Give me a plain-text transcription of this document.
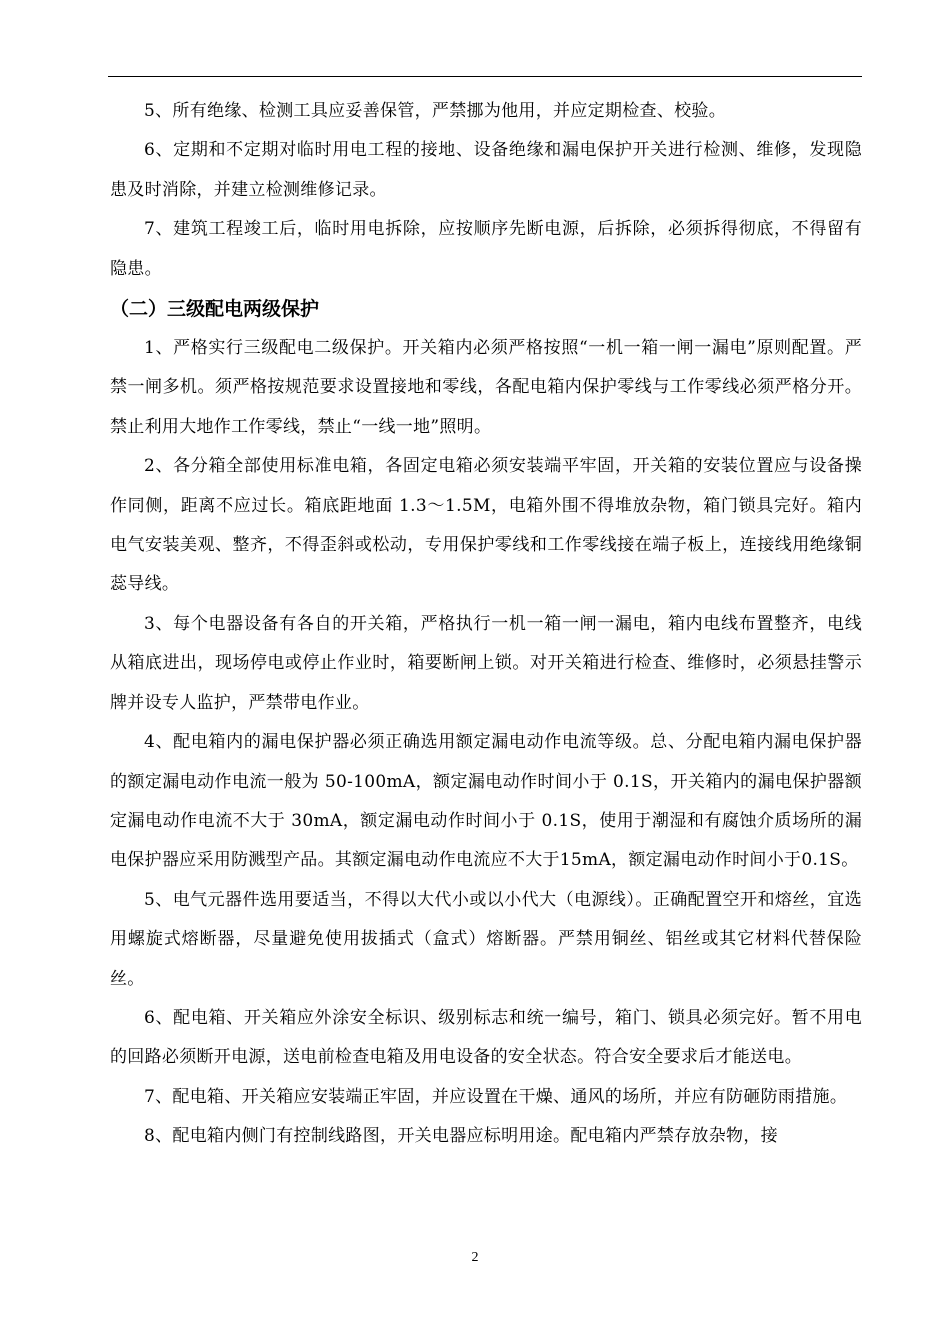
5、所有绝缘、检测工具应妥善保管，严禁挪为他用，并应定期检查、校验。

6、定期和不定期对临时用电工程的接地、设备绝缘和漏电保护开关进行检测、维修，发现隐患及时消除，并建立检测维修记录。

7、建筑工程竣工后，临时用电拆除，应按顺序先断电源，后拆除，必须拆得彻底，不得留有隐患。

（二）三级配电两级保护

1、严格实行三级配电二级保护。开关箱内必须严格按照“一机一箱一闸一漏电”原则配置。严禁一闸多机。须严格按规范要求设置接地和零线，各配电箱内保护零线与工作零线必须严格分开。禁止利用大地作工作零线，禁止“一线一地”照明。

2、各分箱全部使用标准电箱，各固定电箱必须安装端平牢固，开关箱的安装位置应与设备操作同侧，距离不应过长。箱底距地面 1.3～1.5M，电箱外围不得堆放杂物，箱门锁具完好。箱内电气安装美观、整齐，不得歪斜或松动，专用保护零线和工作零线接在端子板上，连接线用绝缘铜蕊导线。

3、每个电器设备有各自的开关箱，严格执行一机一箱一闸一漏电，箱内电线布置整齐，电线从箱底进出，现场停电或停止作业时，箱要断闸上锁。对开关箱进行检查、维修时，必须悬挂警示牌并设专人监护，严禁带电作业。

4、配电箱内的漏电保护器必须正确选用额定漏电动作电流等级。总、分配电箱内漏电保护器的额定漏电动作电流一般为 50-100mA，额定漏电动作时间小于 0.1S，开关箱内的漏电保护器额定漏电动作电流不大于 30mA，额定漏电动作时间小于 0.1S，使用于潮湿和有腐蚀介质场所的漏电保护器应采用防溅型产品。其额定漏电动作电流应不大于15mA，额定漏电动作时间小于0.1S。

5、电气元器件选用要适当，不得以大代小或以小代大（电源线）。正确配置空开和熔丝，宜选用螺旋式熔断器，尽量避免使用拔插式（盒式）熔断器。严禁用铜丝、铝丝或其它材料代替保险丝。

6、配电箱、开关箱应外涂安全标识、级别标志和统一编号，箱门、锁具必须完好。暂不用电的回路必须断开电源，送电前检查电箱及用电设备的安全状态。符合安全要求后才能送电。

7、配电箱、开关箱应安装端正牢固，并应设置在干燥、通风的场所，并应有防砸防雨措施。

8、配电箱内侧门有控制线路图，开关电器应标明用途。配电箱内严禁存放杂物，接

2
